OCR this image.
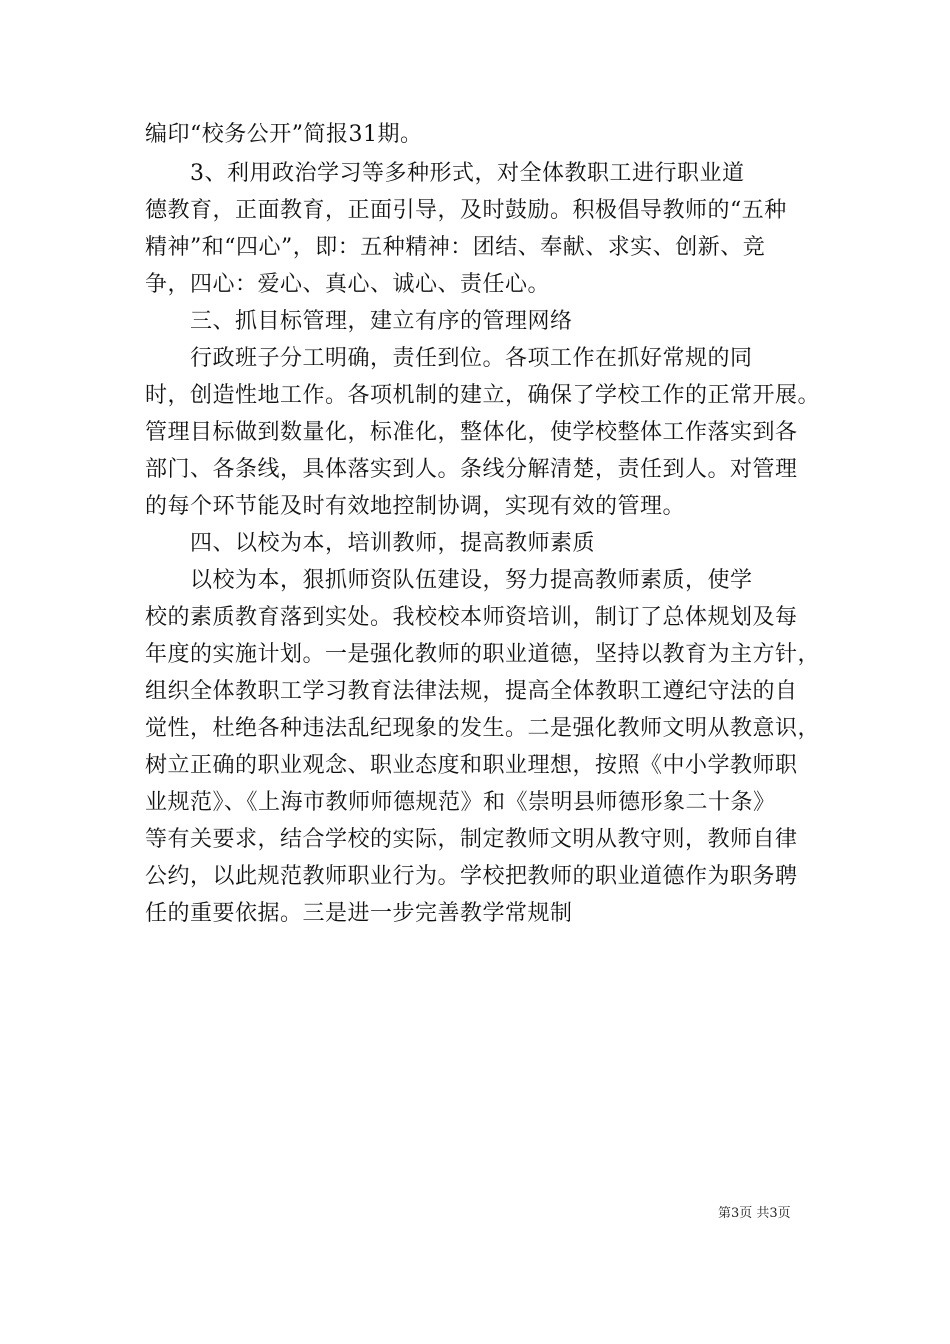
编印“校务公开”简报31期。
　　3、利用政治学习等多种形式，对全体教职工进行职业道
德教育，正面教育，正面引导，及时鼓励。积极倡导教师的“五种
精神”和“四心”，即：五种精神：团结、奉献、求实、创新、竞
争，四心：爱心、真心、诚心、责任心。
　　三、抓目标管理，建立有序的管理网络
　　行政班子分工明确，责任到位。各项工作在抓好常规的同
时，创造性地工作。各项机制的建立，确保了学校工作的正常开展。
管理目标做到数量化，标准化，整体化，使学校整体工作落实到各
部门、各条线，具体落实到人。条线分解清楚，责任到人。对管理
的每个环节能及时有效地控制协调，实现有效的管理。
　　四、以校为本，培训教师，提高教师素质
　　以校为本，狠抓师资队伍建设，努力提高教师素质，使学
校的素质教育落到实处。我校校本师资培训，制订了总体规划及每
年度的实施计划。一是强化教师的职业道德，坚持以教育为主方针，
组织全体教职工学习教育法律法规，提高全体教职工遵纪守法的自
觉性，杜绝各种违法乱纪现象的发生。二是强化教师文明从教意识，
树立正确的职业观念、职业态度和职业理想，按照《中小学教师职
业规范》、《上海市教师师德规范》和《崇明县师德形象二十条》
等有关要求，结合学校的实际，制定教师文明从教守则，教师自律
公约，以此规范教师职业行为。学校把教师的职业道德作为职务聘
任的重要依据。三是进一步完善教学常规制
第3页 共3页
